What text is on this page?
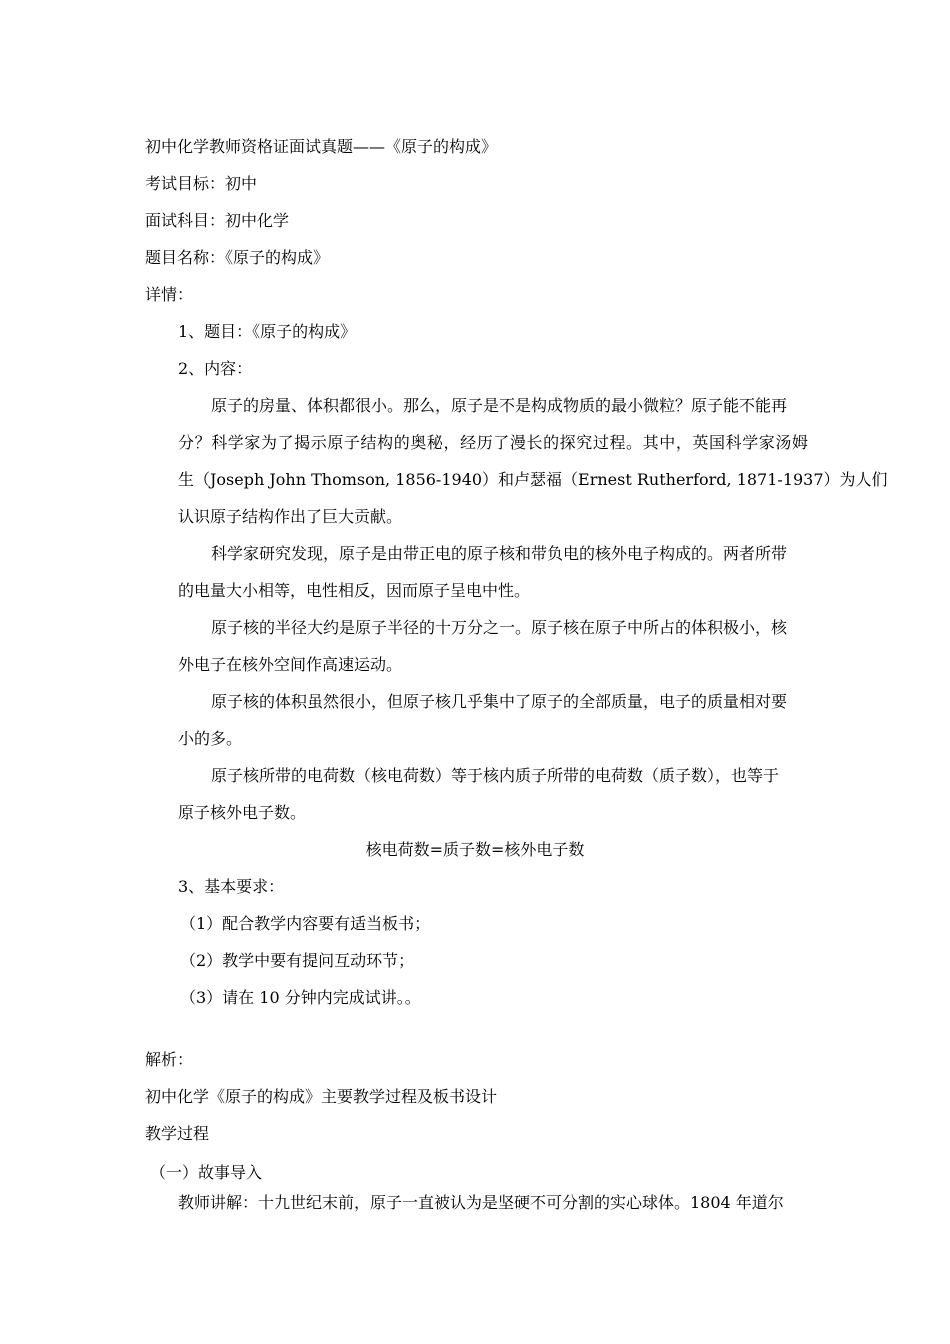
初中化学教师资格证面试真题——《原子的构成》
考试目标：初中
面试科目：初中化学
题目名称：《原子的构成》
详情：
1、题目：《原子的构成》
2、内容：
原子的房量、体积都很小。那么，原子是不是构成物质的最小微粒？原子能不能再
分？科学家为了揭示原子结构的奥秘，经历了漫长的探究过程。其中，英国科学家汤姆
生（Joseph John Thomson, 1856-1940）和卢瑟福（Ernest Rutherford, 1871-1937）为人们
认识原子结构作出了巨大贡献。
科学家研究发现，原子是由带正电的原子核和带负电的核外电子构成的。两者所带
的电量大小相等，电性相反，因而原子呈电中性。
原子核的半径大约是原子半径的十万分之一。原子核在原子中所占的体积极小，核
外电子在核外空间作高速运动。
原子核的体积虽然很小，但原子核几乎集中了原子的全部质量，电子的质量相对要
小的多。
原子核所带的电荷数（核电荷数）等于核内质子所带的电荷数（质子数），也等于
原子核外电子数。
核电荷数=质子数=核外电子数
3、基本要求：
（1）配合教学内容要有适当板书；
（2）教学中要有提问互动环节；
（3）请在 10 分钟内完成试讲。。
解析：
初中化学《原子的构成》主要教学过程及板书设计
教学过程
（一）故事导入
教师讲解：十九世纪末前，原子一直被认为是坚硬不可分割的实心球体。1804 年道尔
